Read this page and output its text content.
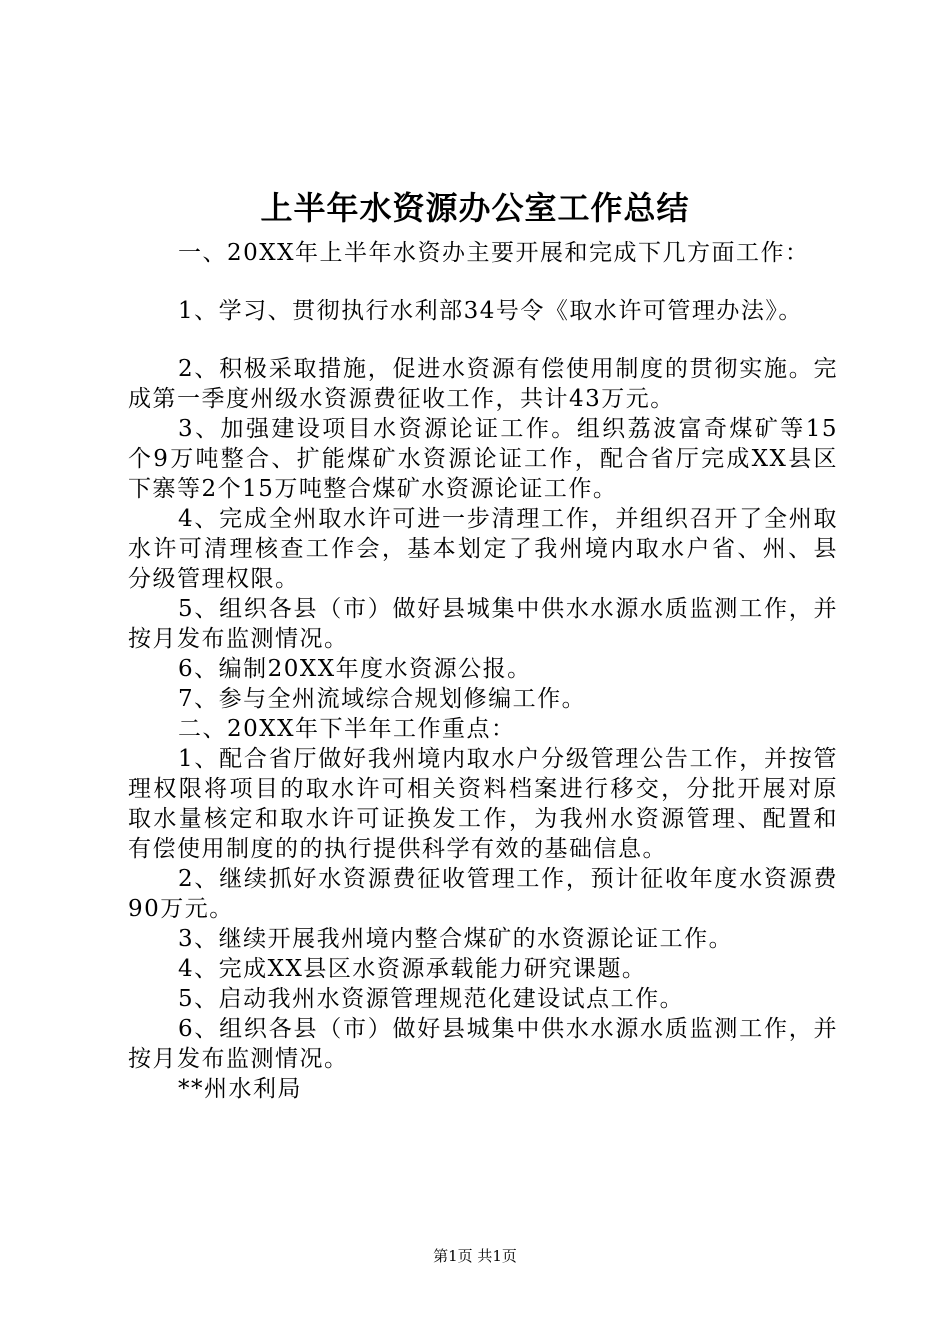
上半年水资源办公室工作总结

一、20XX年上半年水资办主要开展和完成下几方面工作：

1、学习、贯彻执行水利部34号令《取水许可管理办法》。

2、积极采取措施，促进水资源有偿使用制度的贯彻实施。完成第一季度州级水资源费征收工作，共计43万元。

3、加强建设项目水资源论证工作。组织荔波富奇煤矿等15个9万吨整合、扩能煤矿水资源论证工作，配合省厅完成XX县区下寨等2个15万吨整合煤矿水资源论证工作。

4、完成全州取水许可进一步清理工作，并组织召开了全州取水许可清理核查工作会，基本划定了我州境内取水户省、州、县分级管理权限。

5、组织各县（市）做好县城集中供水水源水质监测工作，并按月发布监测情况。

6、编制20XX年度水资源公报。

7、参与全州流域综合规划修编工作。

二、20XX年下半年工作重点：

1、配合省厅做好我州境内取水户分级管理公告工作，并按管理权限将项目的取水许可相关资料档案进行移交，分批开展对原取水量核定和取水许可证换发工作，为我州水资源管理、配置和有偿使用制度的的执行提供科学有效的基础信息。

2、继续抓好水资源费征收管理工作，预计征收年度水资源费90万元。

3、继续开展我州境内整合煤矿的水资源论证工作。

4、完成XX县区水资源承载能力研究课题。

5、启动我州水资源管理规范化建设试点工作。

6、组织各县（市）做好县城集中供水水源水质监测工作，并按月发布监测情况。

**州水利局

第1页 共1页
